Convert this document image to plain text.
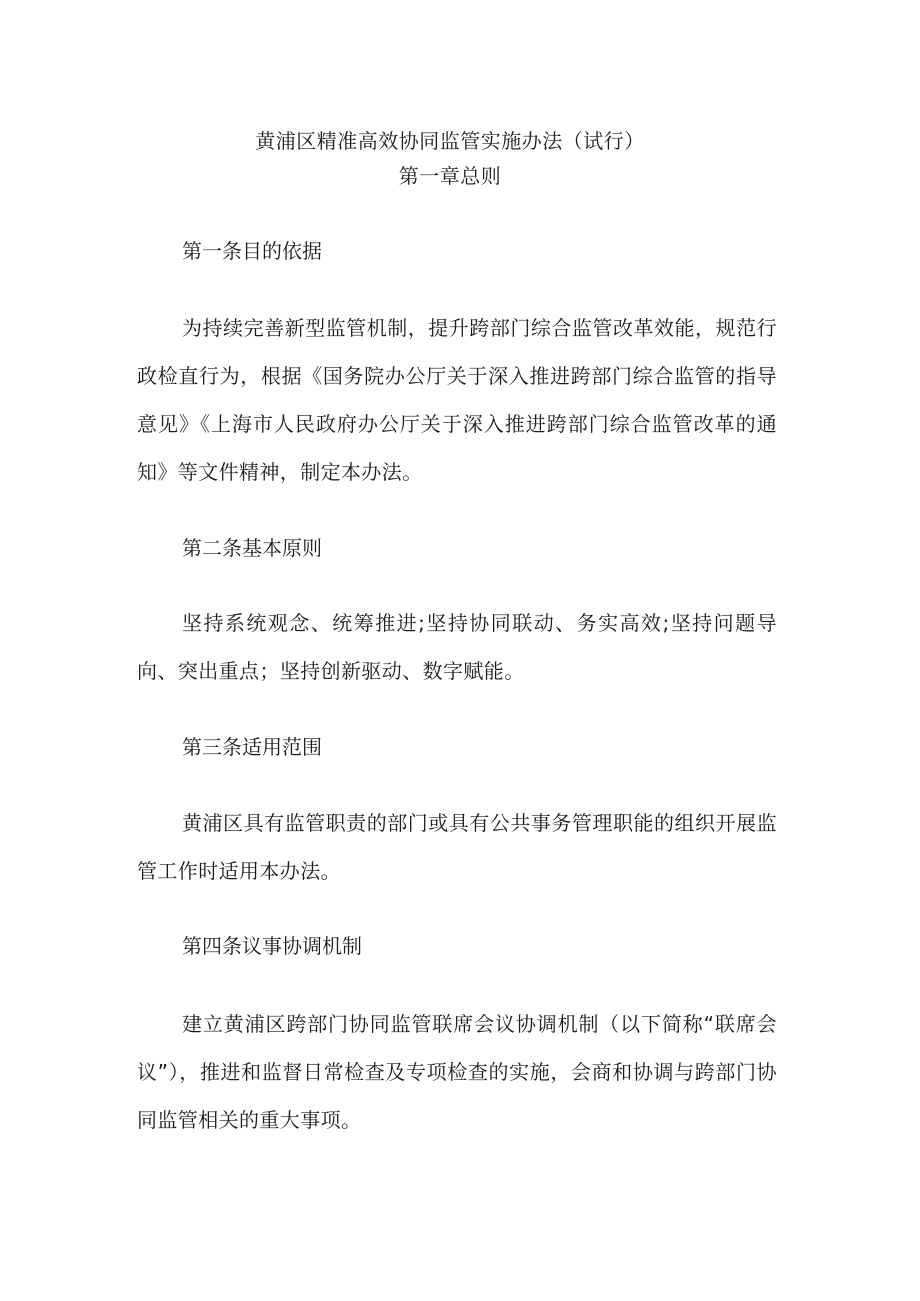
黄浦区精准高效协同监管实施办法（试行）
第一章总则
第一条目的依据

为持续完善新型监管机制，提升跨部门综合监管改革效能，规范行政检直行为，根据《国务院办公厅关于深入推进跨部门综合监管的指导意见》《上海市人民政府办公厅关于深入推进跨部门综合监管改革的通知》等文件精神，制定本办法。

第二条基本原则

坚持系统观念、统筹推进;坚持协同联动、务实高效;坚持问题导向、突出重点；坚持创新驱动、数字赋能。

第三条适用范围

黄浦区具有监管职责的部门或具有公共事务管理职能的组织开展监管工作时适用本办法。

第四条议事协调机制

建立黄浦区跨部门协同监管联席会议协调机制（以下简称“联席会议”），推进和监督日常检查及专项检查的实施，会商和协调与跨部门协同监管相关的重大事项。
